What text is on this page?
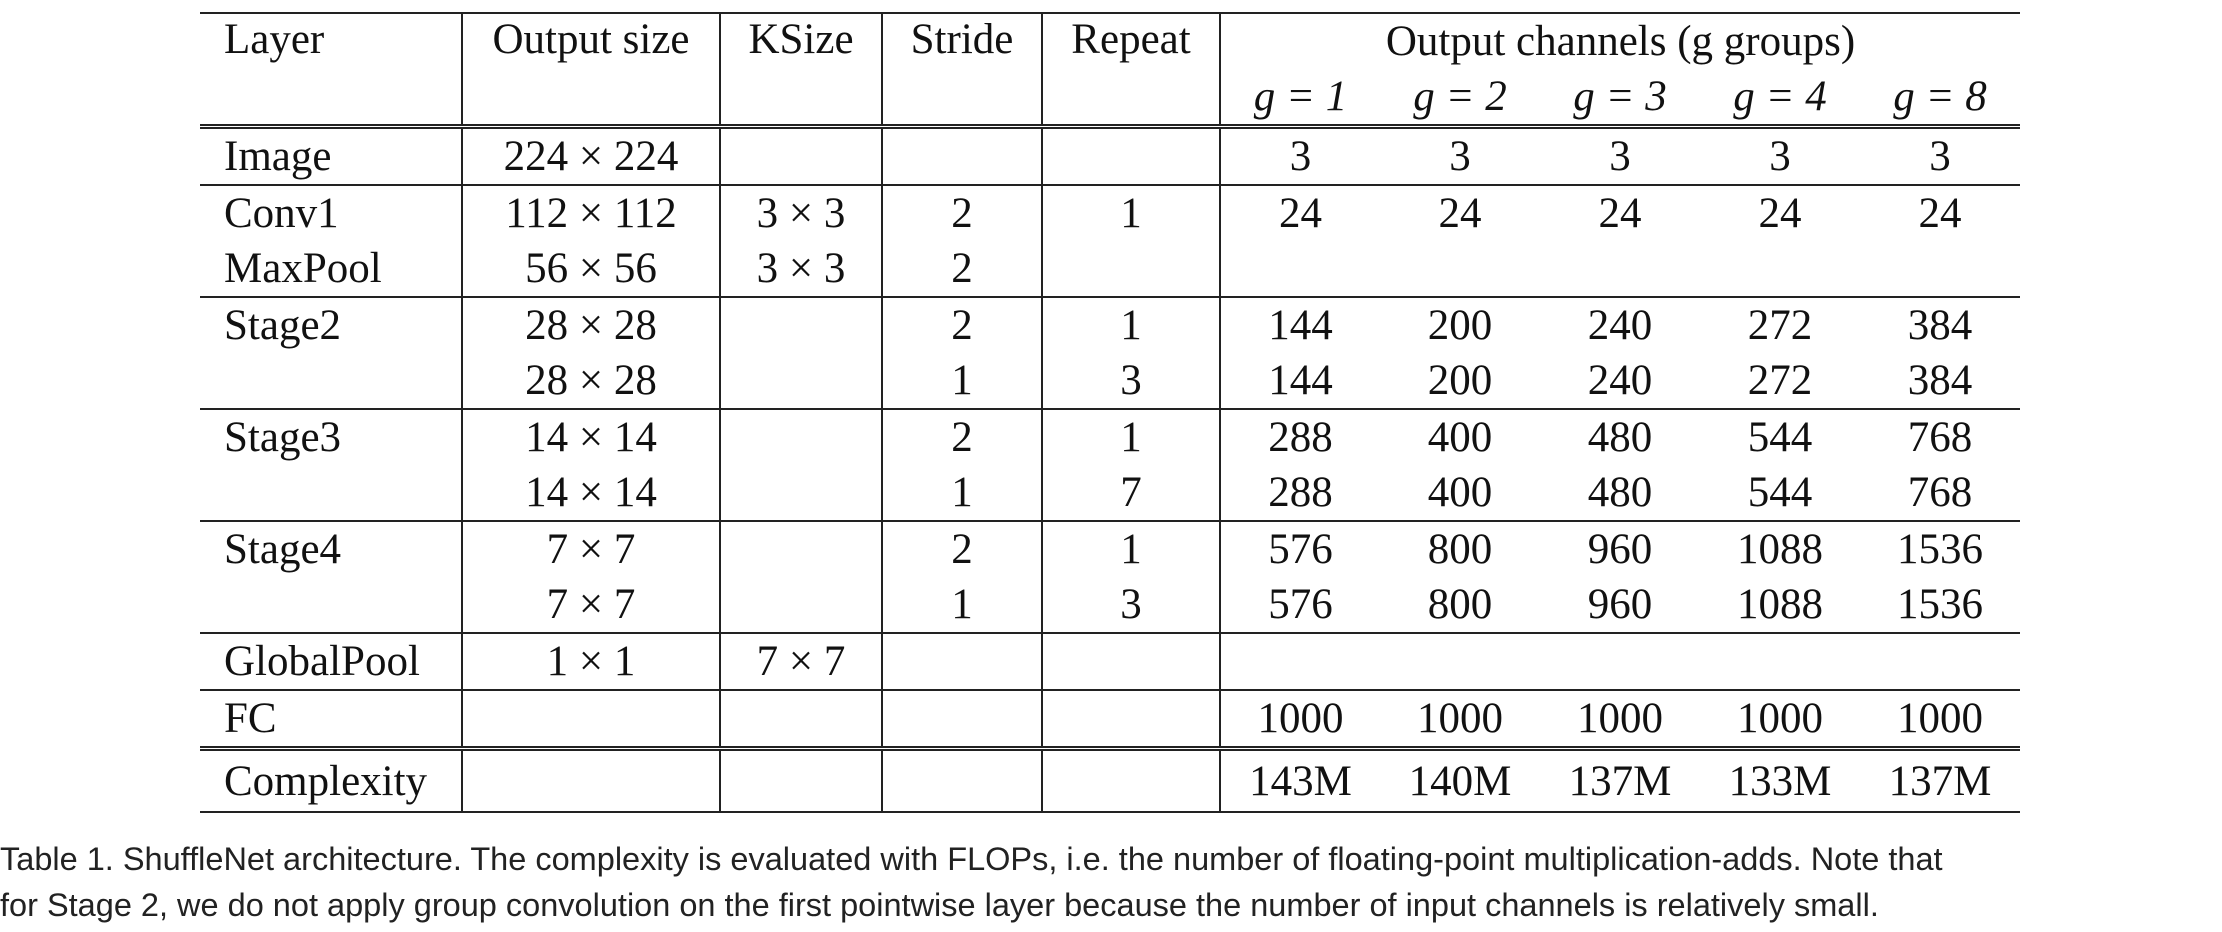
Layer	Output size	KSize	Stride	Repeat	Output channels (g groups)				
					g = 1	g = 2	g = 3	g = 4	g = 8
Image	224 × 224				3	3	3	3	3
Conv1	112 × 112	3 × 3	2	1	24	24	24	24	24
MaxPool	56 × 56	3 × 3	2						
Stage2	28 × 28		2	1	144	200	240	272	384
	28 × 28		1	3	144	200	240	272	384
Stage3	14 × 14		2	1	288	400	480	544	768
	14 × 14		1	7	288	400	480	544	768
Stage4	7 × 7		2	1	576	800	960	1088	1536
	7 × 7		1	3	576	800	960	1088	1536
GlobalPool	1 × 1	7 × 7							
FC					1000	1000	1000	1000	1000
Complexity					143M	140M	137M	133M	137M
Table 1. ShuffleNet architecture. The complexity is evaluated with FLOPs, i.e. the number of floating-point multiplication-adds. Note that
for Stage 2, we do not apply group convolution on the first pointwise layer because the number of input channels is relatively small.
